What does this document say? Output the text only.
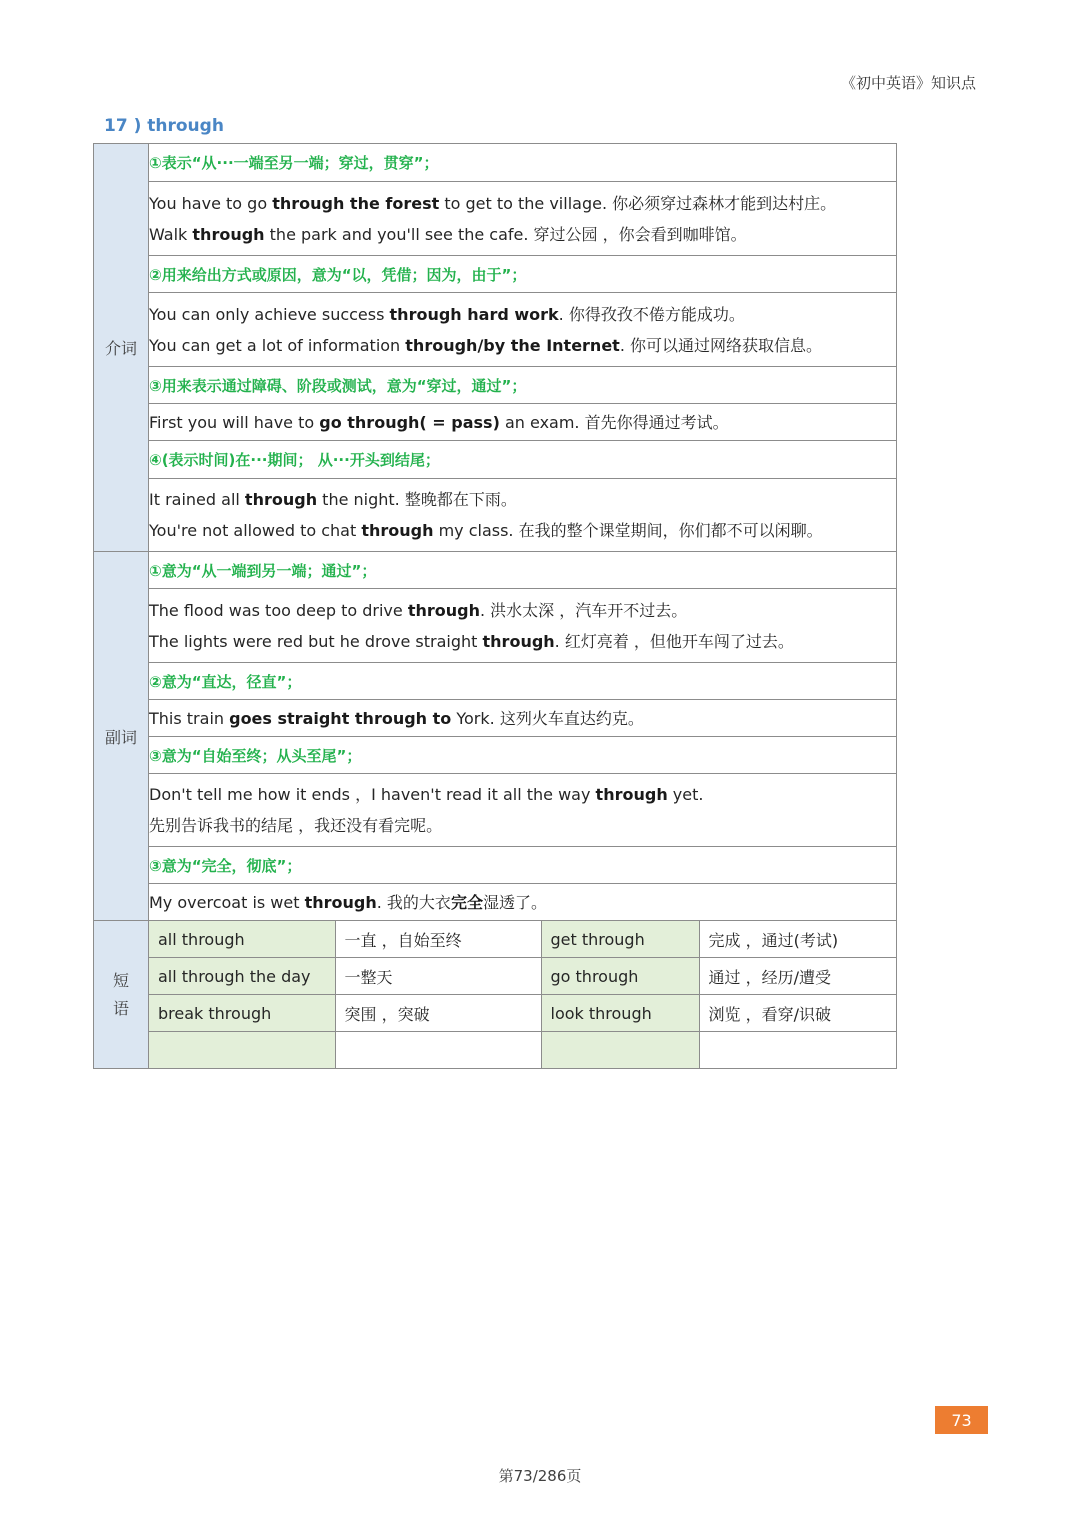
《初中英语》知识点
17 ) through
介词	①表示“从···一端至另一端；穿过，贯穿”；

You have to go through the forest to get to the village. 你必须穿过森林才能到达村庄。
Walk through the park and you'll see the cafe. 穿过公园 ，你会看到咖啡馆。

②用来给出方式或原因，意为“以，凭借；因为，由于”；

You can only achieve success through hard work. 你得孜孜不倦方能成功。
You can get a lot of information through/by the Internet. 你可以通过网络获取信息。

③用来表示通过障碍、阶段或测试，意为“穿过，通过”；

First you will have to go through( = pass) an exam. 首先你得通过考试。

④(表示时间)在···期间； 从···开头到结尾；

It rained all through the night. 整晚都在下雨。
You're not allowed to chat through my class. 在我的整个课堂期间，你们都不可以闲聊。

副词	①意为“从一端到另一端；通过”；

The flood was too deep to drive through. 洪水太深 ，汽车开不过去。
The lights were red but he drove straight through. 红灯亮着 ，但他开车闯了过去。

②意为“直达，径直”；

This train goes straight through to York. 这列火车直达约克。

③意为“自始至终；从头至尾”；

Don't tell me how it ends ，I haven't read it all the way through yet.
先别告诉我书的结尾 ，我还没有看完呢。

③意为“完全，彻底”；

My overcoat is wet through. 我的大衣完全湿透了。

短
语

all through	一直 ，自始至终	get through	完成 ，通过(考试)
all through the day	一整天	go through	通过 ，经历/遭受
break through	突围 ，突破	look through	浏览 ，看穿/识破

73
第73/286页
